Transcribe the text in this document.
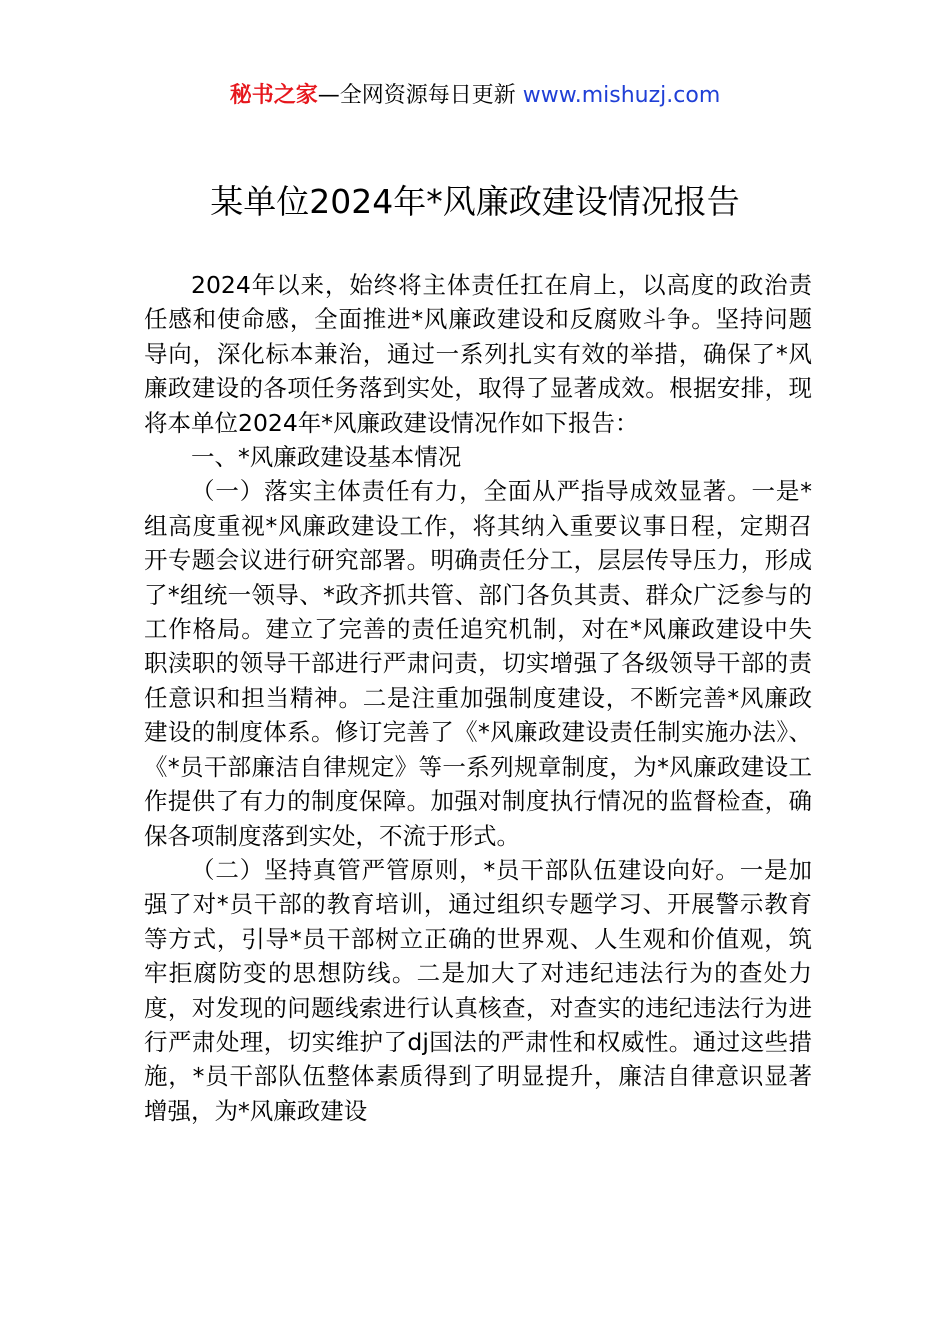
秘书之家—全网资源每日更新 www.mishuzj.com
某单位2024年*风廉政建设情况报告

2024年以来，始终将主体责任扛在肩上，以高度的政治责任感和使命感，全面推进*风廉政建设和反腐败斗争。坚持问题导向，深化标本兼治，通过一系列扎实有效的举措，确保了*风廉政建设的各项任务落到实处，取得了显著成效。根据安排，现将本单位2024年*风廉政建设情况作如下报告：

一、*风廉政建设基本情况

（一）落实主体责任有力，全面从严指导成效显著。一是*组高度重视*风廉政建设工作，将其纳入重要议事日程，定期召开专题会议进行研究部署。明确责任分工，层层传导压力，形成了*组统一领导、*政齐抓共管、部门各负其责、群众广泛参与的工作格局。建立了完善的责任追究机制，对在*风廉政建设中失职渎职的领导干部进行严肃问责，切实增强了各级领导干部的责任意识和担当精神。二是注重加强制度建设，不断完善*风廉政建设的制度体系。修订完善了《*风廉政建设责任制实施办法》、《*员干部廉洁自律规定》等一系列规章制度，为*风廉政建设工作提供了有力的制度保障。加强对制度执行情况的监督检查，确保各项制度落到实处，不流于形式。

（二）坚持真管严管原则，*员干部队伍建设向好。一是加强了对*员干部的教育培训，通过组织专题学习、开展警示教育等方式，引导*员干部树立正确的世界观、人生观和价值观，筑牢拒腐防变的思想防线。二是加大了对违纪违法行为的查处力度，对发现的问题线索进行认真核查，对查实的违纪违法行为进行严肃处理，切实维护了dj国法的严肃性和权威性。通过这些措施，*员干部队伍整体素质得到了明显提升，廉洁自律意识显著增强，为*风廉政建设
